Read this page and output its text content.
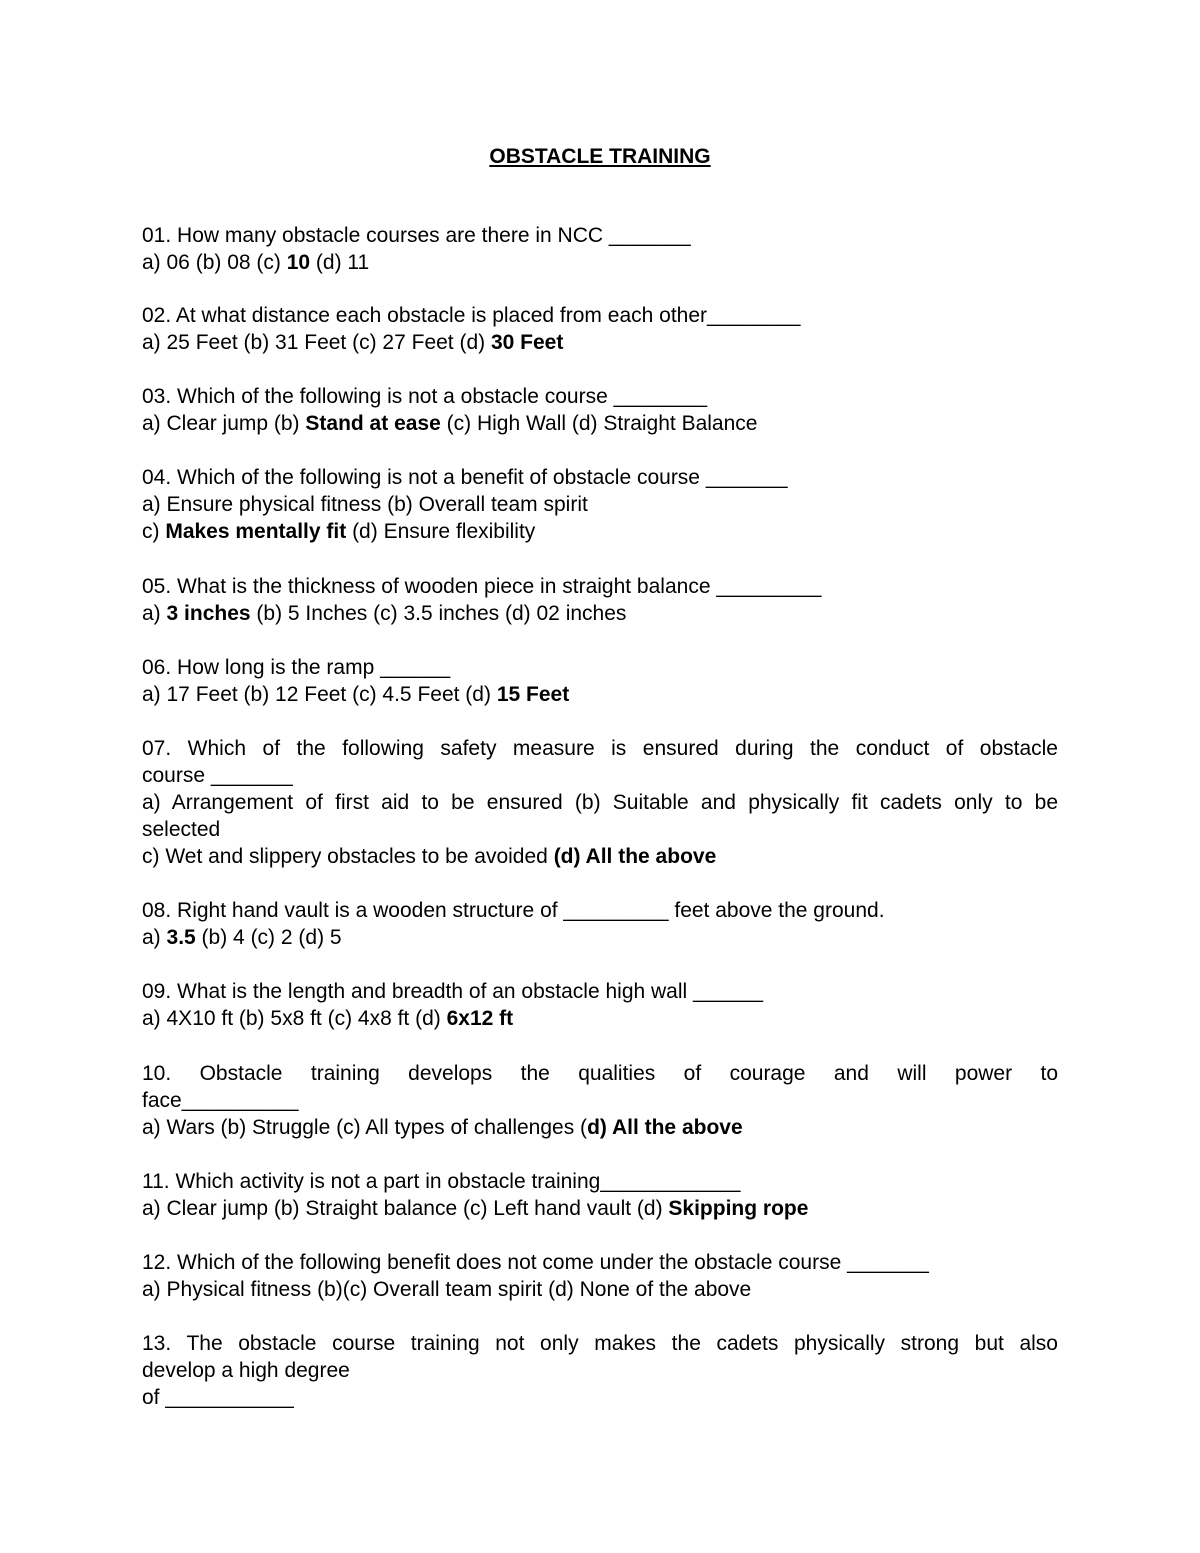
OBSTACLE TRAINING
01. How many obstacle courses are there in NCC _______
a) 06 (b) 08 (c) 10 (d) 11
02. At what distance each obstacle is placed from each other________
a) 25 Feet (b) 31 Feet (c) 27 Feet (d) 30 Feet
03. Which of the following is not a obstacle course ________
a) Clear jump (b) Stand at ease (c) High Wall (d) Straight Balance
04. Which of the following is not a benefit of obstacle course _______
a) Ensure physical fitness (b) Overall team spirit
c) Makes mentally fit (d) Ensure flexibility
05. What is the thickness of wooden piece in straight balance _________
a) 3 inches (b) 5 Inches (c) 3.5 inches (d) 02 inches
06. How long is the ramp ______
a) 17 Feet (b) 12 Feet (c) 4.5 Feet (d) 15 Feet
07. Which of the following safety measure is ensured during the conduct of obstacle
course _______
a) Arrangement of first aid to be ensured (b) Suitable and physically fit cadets only to be
selected
c) Wet and slippery obstacles to be avoided (d) All the above
08. Right hand vault is a wooden structure of _________ feet above the ground.
a) 3.5 (b) 4 (c) 2 (d) 5
09. What is the length and breadth of an obstacle high wall ______
a) 4X10 ft (b) 5x8 ft (c) 4x8 ft (d) 6x12 ft
10. Obstacle training develops the qualities of courage and will power to
face__________
a) Wars (b) Struggle (c) All types of challenges (d) All the above
11. Which activity is not a part in obstacle training____________
a) Clear jump (b) Straight balance (c) Left hand vault (d) Skipping rope
12. Which of the following benefit does not come under the obstacle course _______
a) Physical fitness (b)(c) Overall team spirit (d) None of the above
13. The obstacle course training not only makes the cadets physically strong but also
develop a high degree
of ___________
